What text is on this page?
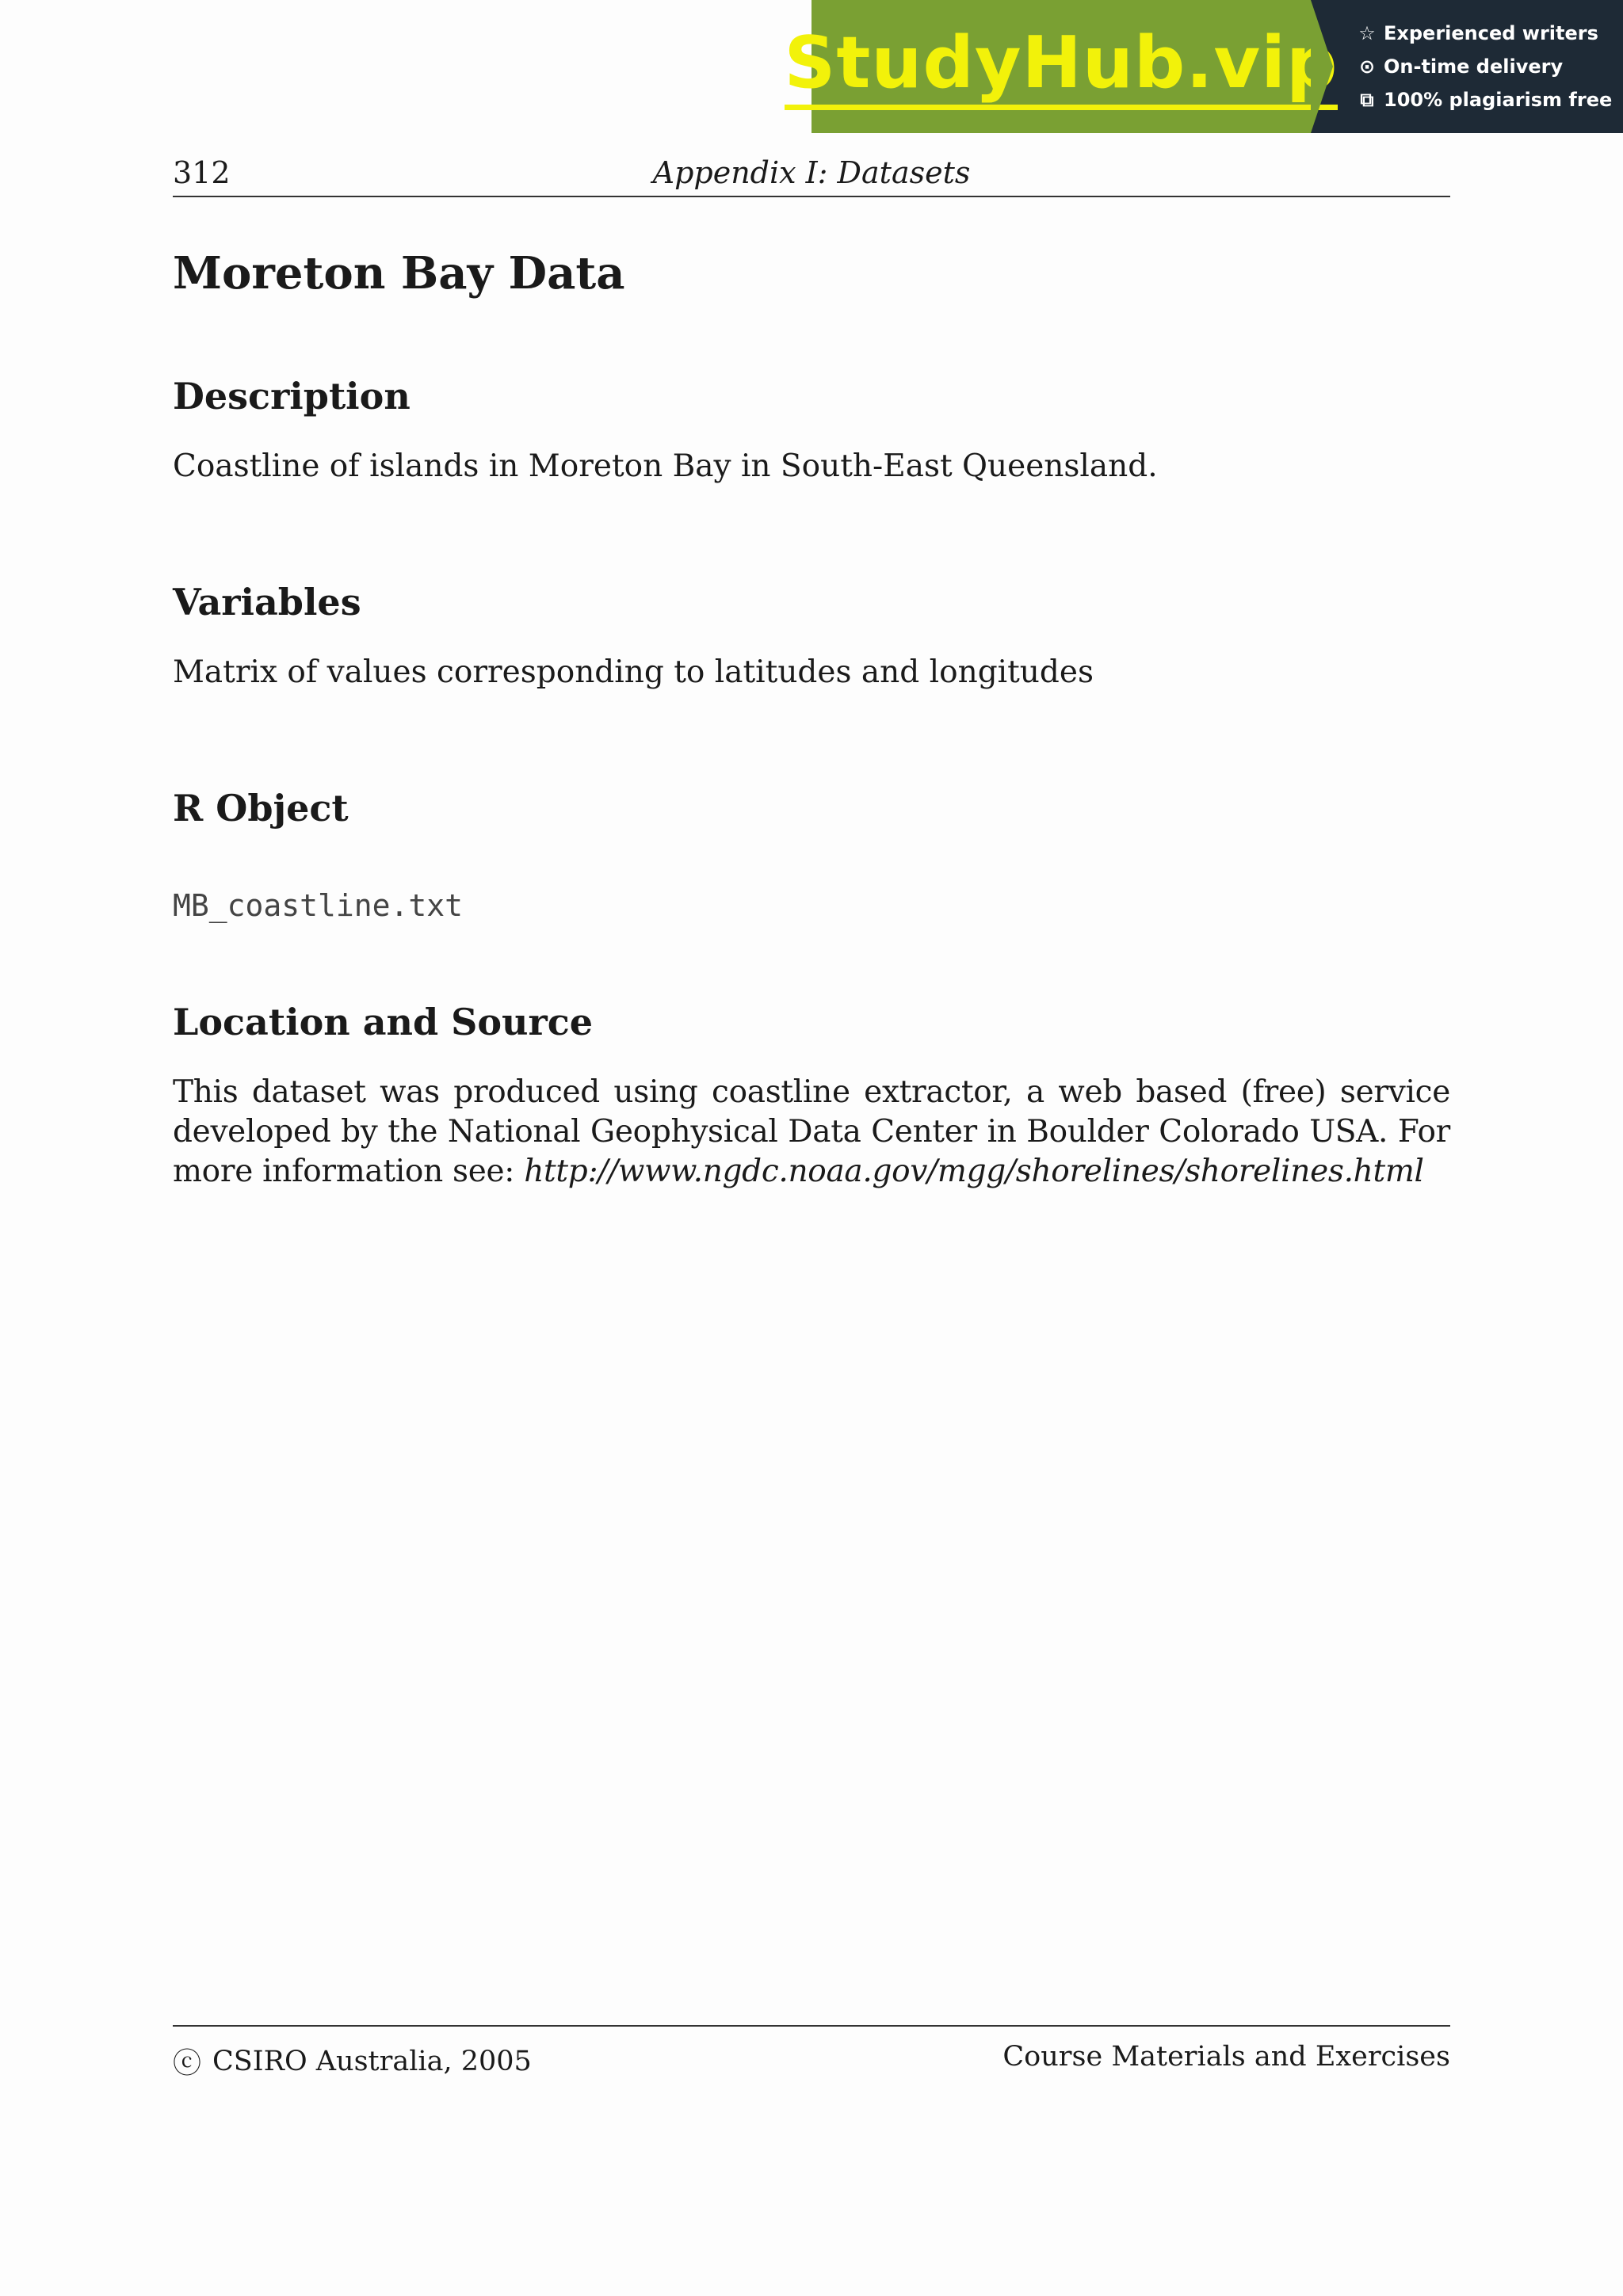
StudyHub.vip ☆ Experienced writers
⊙ On-time delivery
⧉ 100% plagiarism free
312	Appendix I: Datasets
Moreton Bay Data
Description

Coastline of islands in Moreton Bay in South-East Queensland.

Variables

Matrix of values corresponding to latitudes and longitudes

R Object

MB_coastline.txt

Location and Source

This dataset was produced using coastline extractor, a web based (free) service developed by the National Geophysical Data Center in Boulder Colorado USA. For more information see: http://www.ngdc.noaa.gov/mgg/shorelines/shorelines.html

ⓒ CSIRO Australia, 2005	Course Materials and Exercises
